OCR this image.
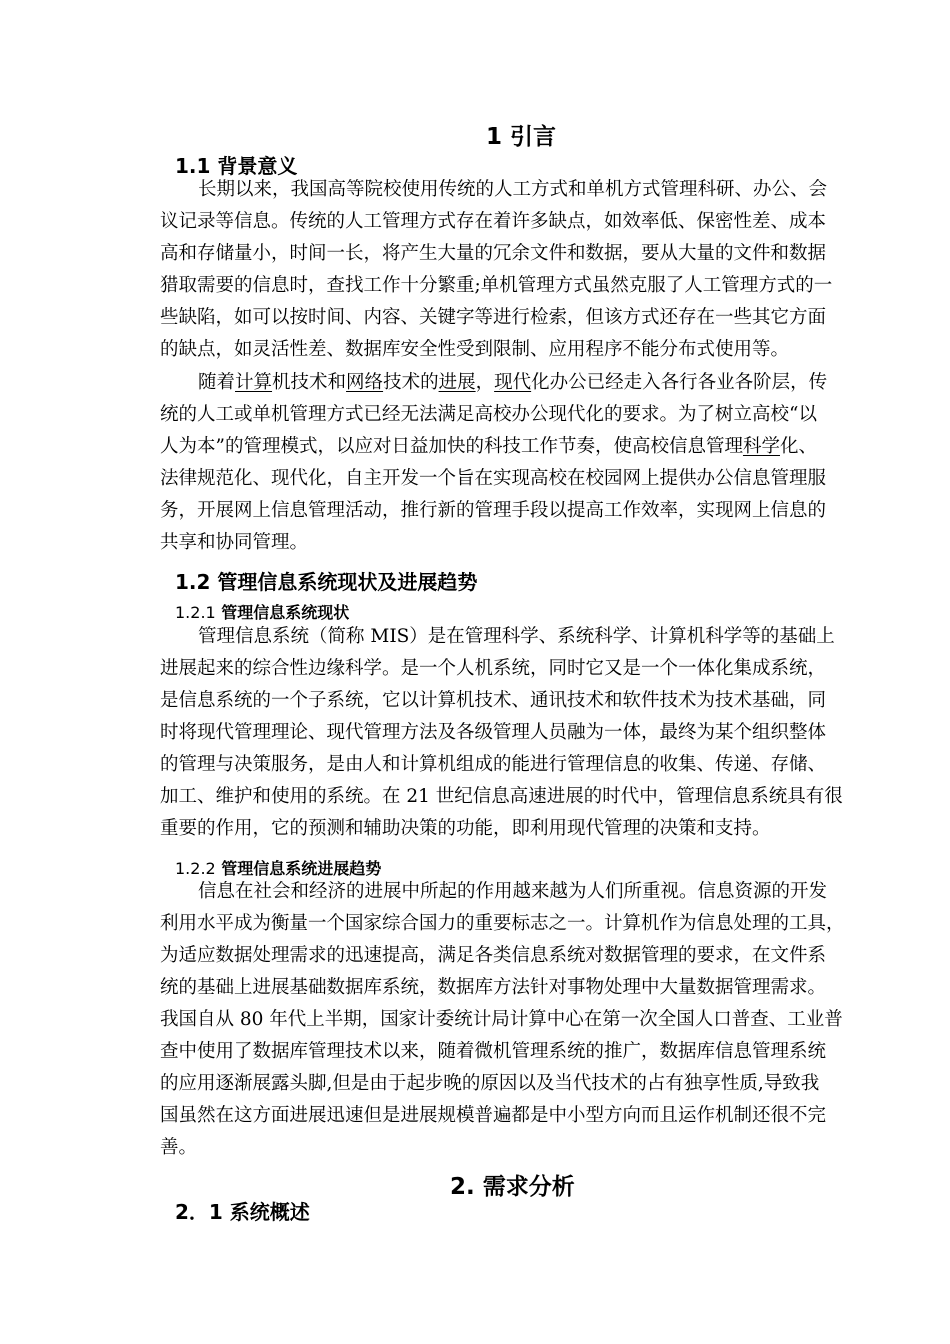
1 引言
1.1 背景意义
长期以来，我国高等院校使用传统的人工方式和单机方式管理科研、办公、会
议记录等信息。传统的人工管理方式存在着许多缺点，如效率低、保密性差、成本
高和存储量小，时间一长，将产生大量的冗余文件和数据，要从大量的文件和数据
猎取需要的信息时，查找工作十分繁重;单机管理方式虽然克服了人工管理方式的一
些缺陷，如可以按时间、内容、关键字等进行检索，但该方式还存在一些其它方面
的缺点，如灵活性差、数据库安全性受到限制、应用程序不能分布式使用等。
随着计算机技术和网络技术的进展，现代化办公已经走入各行各业各阶层，传
统的人工或单机管理方式已经无法满足高校办公现代化的要求。为了树立高校“以
人为本”的管理模式，以应对日益加快的科技工作节奏，使高校信息管理科学化、
法律规范化、现代化，自主开发一个旨在实现高校在校园网上提供办公信息管理服
务，开展网上信息管理活动，推行新的管理手段以提高工作效率，实现网上信息的
共享和协同管理。
1.2 管理信息系统现状及进展趋势
1.2.1 管理信息系统现状
管理信息系统（简称 MIS）是在管理科学、系统科学、计算机科学等的基础上
进展起来的综合性边缘科学。是一个人机系统，同时它又是一个一体化集成系统，
是信息系统的一个子系统，它以计算机技术、通讯技术和软件技术为技术基础，同
时将现代管理理论、现代管理方法及各级管理人员融为一体，最终为某个组织整体
的管理与决策服务，是由人和计算机组成的能进行管理信息的收集、传递、存储、
加工、维护和使用的系统。在 21 世纪信息高速进展的时代中，管理信息系统具有很
重要的作用，它的预测和辅助决策的功能，即利用现代管理的决策和支持。
1.2.2 管理信息系统进展趋势
信息在社会和经济的进展中所起的作用越来越为人们所重视。信息资源的开发
利用水平成为衡量一个国家综合国力的重要标志之一。计算机作为信息处理的工具，
为适应数据处理需求的迅速提高，满足各类信息系统对数据管理的要求，在文件系
统的基础上进展基础数据库系统，数据库方法针对事物处理中大量数据管理需求。
我国自从 80 年代上半期，国家计委统计局计算中心在第一次全国人口普查、工业普
查中使用了数据库管理技术以来，随着微机管理系统的推广，数据库信息管理系统
的应用逐渐展露头脚,但是由于起步晚的原因以及当代技术的占有独享性质,导致我
国虽然在这方面进展迅速但是进展规模普遍都是中小型方向而且运作机制还很不完
善。
2. 需求分析
2．1 系统概述
